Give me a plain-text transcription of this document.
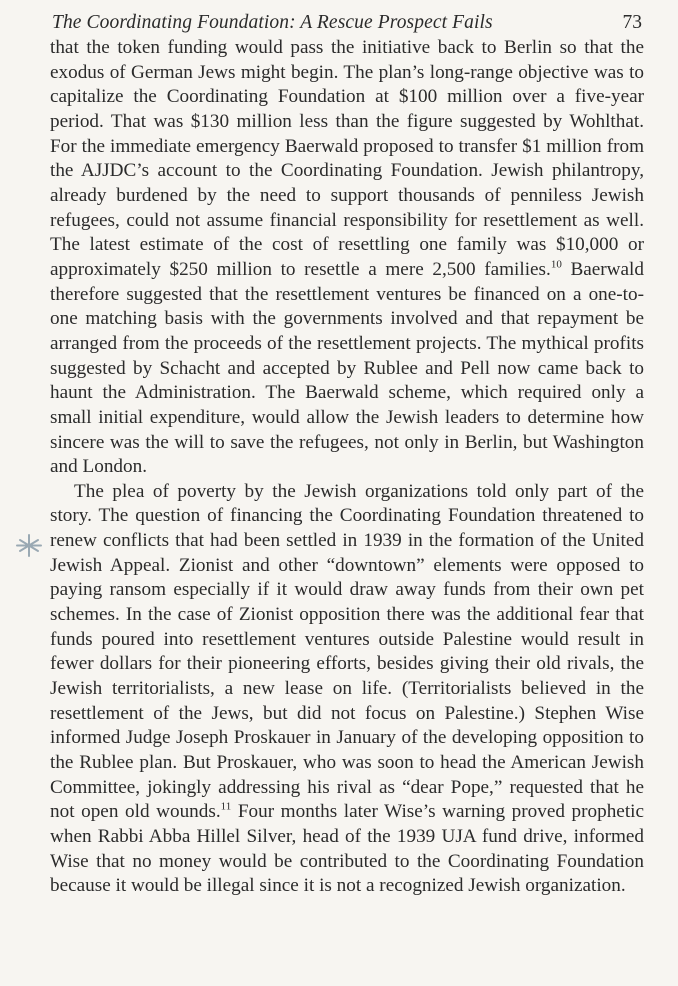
The Coordinating Foundation: A Rescue Prospect Fails	73

that the token funding would pass the initiative back to Berlin so that the exodus of German Jews might begin. The plan’s long-range objective was to capitalize the Coordinating Foundation at $100 million over a five-year period. That was $130 million less than the figure suggested by Wohlthat. For the immediate emergency Baerwald proposed to transfer $1 million from the AJJDC’s account to the Coordinating Foundation. Jewish philantropy, already burdened by the need to support thousands of penniless Jewish refugees, could not assume financial responsibility for resettlement as well. The latest estimate of the cost of resettling one family was $10,000 or approximately $250 million to resettle a mere 2,500 families.$^{10}$ Baerwald therefore suggested that the resettlement ventures be financed on a one-to-one matching basis with the governments involved and that repayment be arranged from the proceeds of the resettlement projects. The mythical profits suggested by Schacht and accepted by Rublee and Pell now came back to haunt the Administration. The Baerwald scheme, which required only a small initial expenditure, would allow the Jewish leaders to determine how sincere was the will to save the refugees, not only in Berlin, but Washington and London.

The plea of poverty by the Jewish organizations told only part of the story. The question of financing the Coordinating Foundation threatened to renew conflicts that had been settled in 1939 in the formation of the United Jewish Appeal. Zionist and other “downtown” elements were opposed to paying ransom especially if it would draw away funds from their own pet schemes. In the case of Zionist opposition there was the additional fear that funds poured into resettlement ventures outside Palestine would result in fewer dollars for their pioneering efforts, besides giving their old rivals, the Jewish territorialists, a new lease on life. (Territorialists believed in the resettlement of the Jews, but did not focus on Palestine.) Stephen Wise informed Judge Joseph Proskauer in January of the developing opposition to the Rublee plan. But Proskauer, who was soon to head the American Jewish Committee, jokingly addressing his rival as “dear Pope,” requested that he not open old wounds.$^{11}$ Four months later Wise’s warning proved prophetic when Rabbi Abba Hillel Silver, head of the 1939 UJA fund drive, informed Wise that no money would be contributed to the Coordinating Foundation because it would be illegal since it is not a recognized Jewish organization.
